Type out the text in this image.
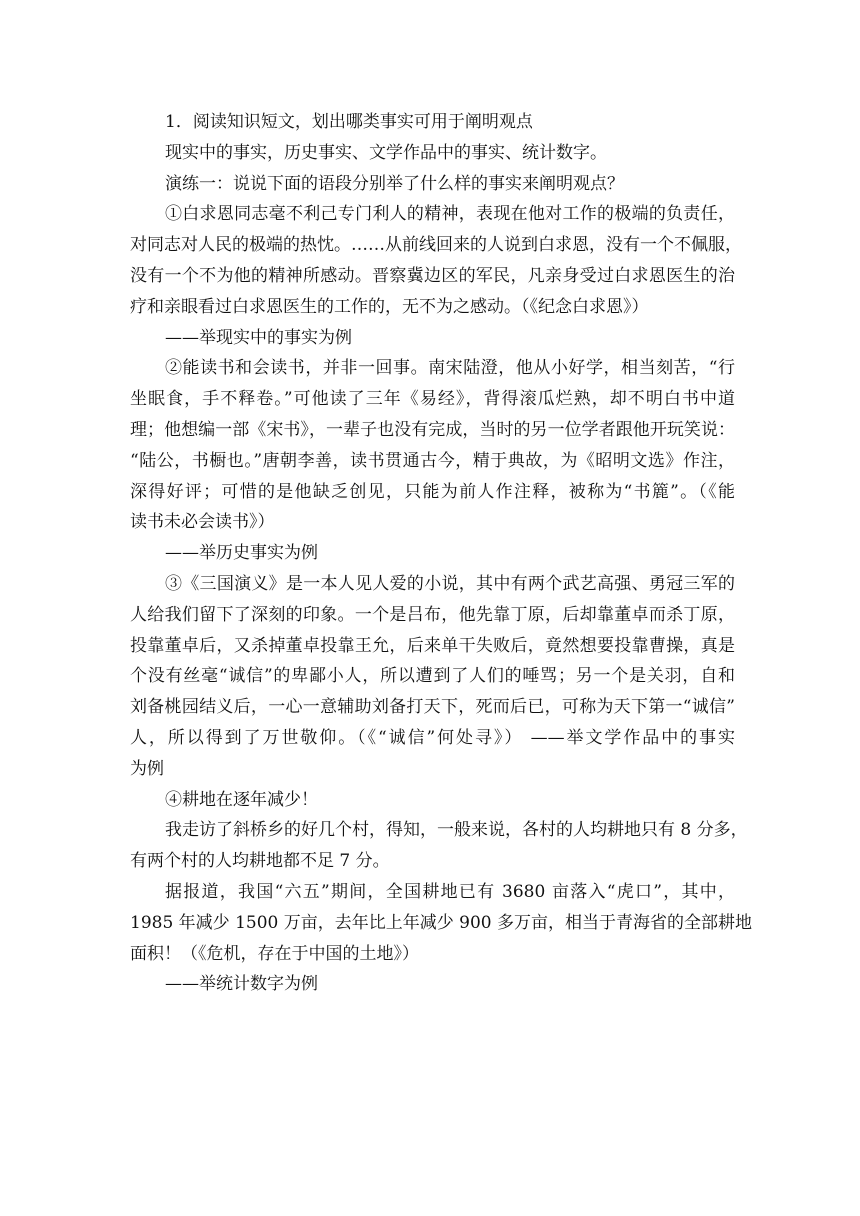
1．阅读知识短文，划出哪类事实可用于阐明观点
现实中的事实，历史事实、文学作品中的事实、统计数字。
演练一：说说下面的语段分别举了什么样的事实来阐明观点？
①白求恩同志毫不利己专门利人的精神，表现在他对工作的极端的负责任，
对同志对人民的极端的热忱。……从前线回来的人说到白求恩，没有一个不佩服，
没有一个不为他的精神所感动。晋察冀边区的军民，凡亲身受过白求恩医生的治
疗和亲眼看过白求恩医生的工作的，无不为之感动。（《纪念白求恩》）
——举现实中的事实为例
②能读书和会读书，并非一回事。南宋陆澄，他从小好学，相当刻苦，“行
坐眠食，手不释卷。”可他读了三年《易经》，背得滚瓜烂熟，却不明白书中道
理；他想编一部《宋书》，一辈子也没有完成，当时的另一位学者跟他开玩笑说：
“陆公，书橱也。”唐朝李善，读书贯通古今，精于典故，为《昭明文选》作注，
深得好评；可惜的是他缺乏创见，只能为前人作注释，被称为“书簏”。（《能
读书未必会读书》）
——举历史事实为例
③《三国演义》是一本人见人爱的小说，其中有两个武艺高强、勇冠三军的
人给我们留下了深刻的印象。一个是吕布，他先靠丁原，后却靠董卓而杀丁原，
投靠董卓后，又杀掉董卓投靠王允，后来单干失败后，竟然想要投靠曹操，真是
个没有丝毫“诚信”的卑鄙小人，所以遭到了人们的唾骂；另一个是关羽，自和
刘备桃园结义后，一心一意辅助刘备打天下，死而后已，可称为天下第一“诚信”
人，所以得到了万世敬仰。（《“诚信”何处寻》） ——举文学作品中的事实
为例
④耕地在逐年减少！
我走访了斜桥乡的好几个村，得知，一般来说，各村的人均耕地只有 8 分多，
有两个村的人均耕地都不足 7 分。
据报道，我国“六五”期间，全国耕地已有 3680 亩落入“虎口”，其中，
1985 年减少 1500 万亩，去年比上年减少 900 多万亩，相当于青海省的全部耕地
面积！（《危机，存在于中国的土地》）
——举统计数字为例
